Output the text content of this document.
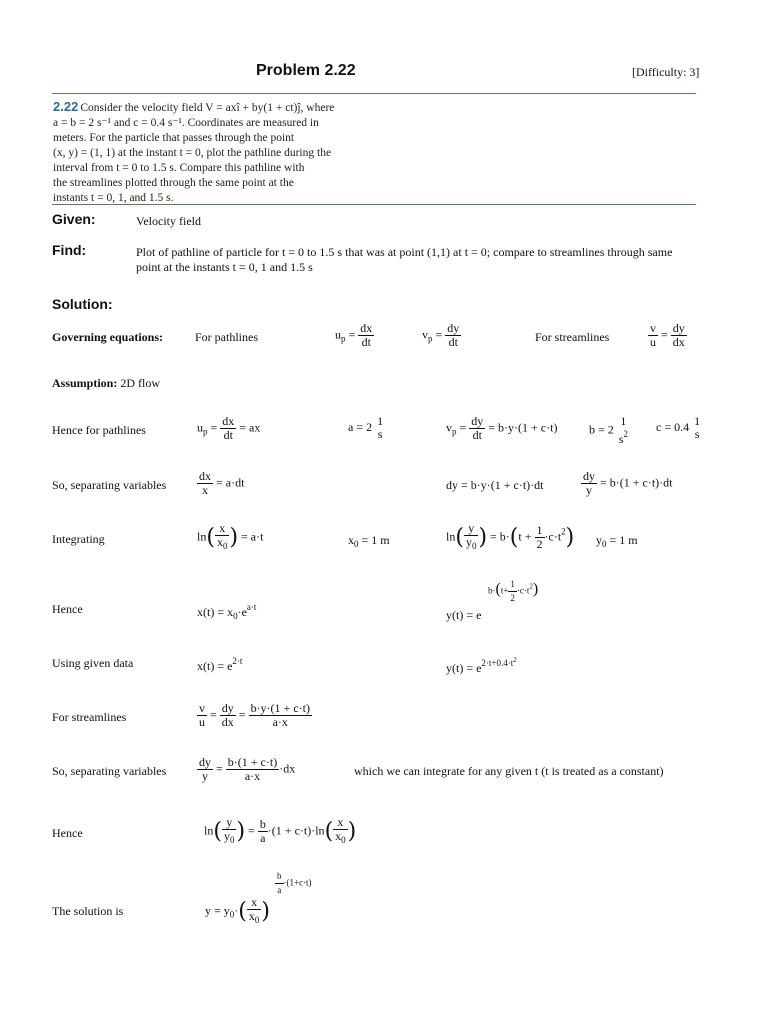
Problem 2.22	[Difficulty: 3]
2.22 Consider the velocity field V = axî + by(1 + ct)ĵ, where
a = b = 2 s⁻¹ and c = 0.4 s⁻¹. Coordinates are measured in
meters. For the particle that passes through the point
(x, y) = (1, 1) at the instant t = 0, plot the pathline during the
interval from t = 0 to 1.5 s. Compare this pathline with
the streamlines plotted through the same point at the
instants t = 0, 1, and 1.5 s.
Given:	Velocity field
Find:	Plot of pathline of particle for t = 0 to 1.5 s that was at point (1,1) at t = 0; compare to streamlines through same
point at the instants t = 0, 1 and 1.5 s
Solution:
Governing equations:	For pathlines	$u_p = \frac{dx}{dt}$	$v_p = \frac{dy}{dt}$	For streamlines	$\frac{v}{u} = \frac{dy}{dx}$
Assumption: 2D flow
Hence for pathlines	$u_p = \frac{dx}{dt}$ = ax	a = 2 1
s	$v_p = \frac{dy}{dt} = b\cdot y\cdot(1 + c\cdot t)$	b = 2
1
$s^2$
c = 0.4 1
s
So, separating variables	$\frac{dx}{x} = a\cdot dt$	dy = b·y·(1 + c·t)·dt	$\frac{dy}{y} = b\cdot(1 + c\cdot t)\cdot dt$
Integrating	$\ln( \frac{x}{x_0}$ ) = a·t	$x_0 = 1$ m	$\ln( \frac{y}{y_0}$ ) = $b\cdot(t + \frac{1}{2} \cdot c\cdot t^2)$ $y_0 = 1$ m
Hence	$x(t) = x_0\cdot e^{a\cdot t}$
$b\cdot(t+ \frac{1}{2} \cdot c\cdot t^2)$
y(t) = e
Using given data	$x(t) = e^{2\cdot t}$	$y(t) = e^{2\cdot t+0.4\cdot t^2}$
For streamlines	$\frac{v}{u} = \frac{dy}{dx} = \frac{b\cdot y\cdot(1 + c\cdot t)}{a\cdot x}$
So, separating variables	$\frac{dy}{y} = \frac{b\cdot(1 + c\cdot t)}{a\cdot x} \cdot dx$	which we can integrate for any given t (t is treated as a constant)
Hence	$\ln( \frac{y}{y_0}$ ) = $\frac{b}{a} \cdot(1 + c\cdot t)\cdot\ln( \frac{x}{x_0}$ )
The solution is
$\frac{b}{a} \cdot(1+c\cdot t)$
$y = y_0\cdot( \frac{x}{x_0}$ )
